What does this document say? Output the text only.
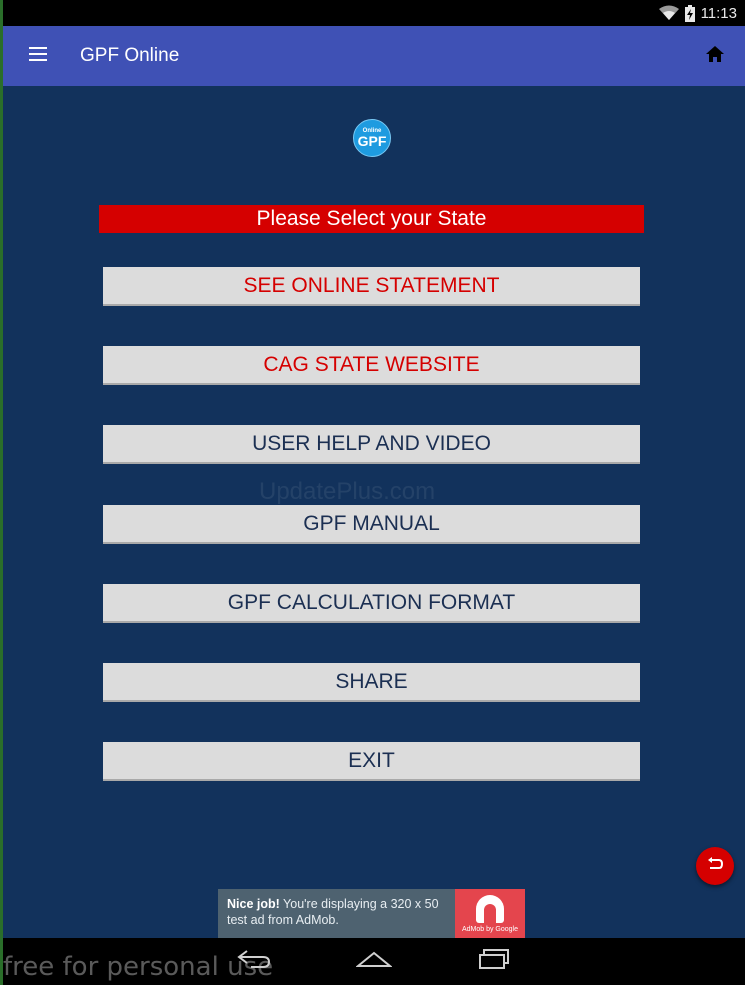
11:13
GPF Online
Online
GPF
Please Select your State
SEE ONLINE STATEMENT
CAG STATE WEBSITE
USER HELP AND VIDEO
UpdatePlus.com
GPF MANUAL
GPF CALCULATION FORMAT
SHARE
EXIT
Nice job! You're displaying a 320 x 50 test ad from AdMob.
AdMob by Google
free for personal use
